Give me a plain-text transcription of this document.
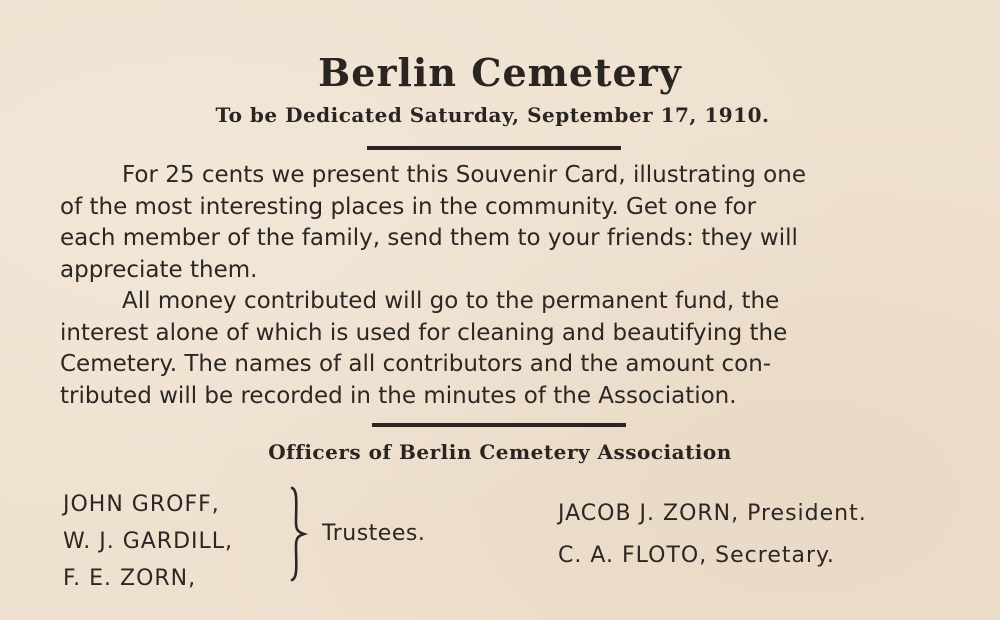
Berlin Cemetery
To be Dedicated Saturday, September 17, 1910.
For 25 cents we present this Souvenir Card, illustrating one
of the most interesting places in the community. Get one for
each member of the family, send them to your friends: they will
appreciate them.
All money contributed will go to the permanent fund, the
interest alone of which is used for cleaning and beautifying the
Cemetery. The names of all contributors and the amount con-
tributed will be recorded in the minutes of the Association.
Officers of Berlin Cemetery Association
JOHN GROFF,
W. J. GARDILL,
F. E. ZORN,
Trustees.
JACOB J. ZORN, President.
C. A. FLOTO, Secretary.
